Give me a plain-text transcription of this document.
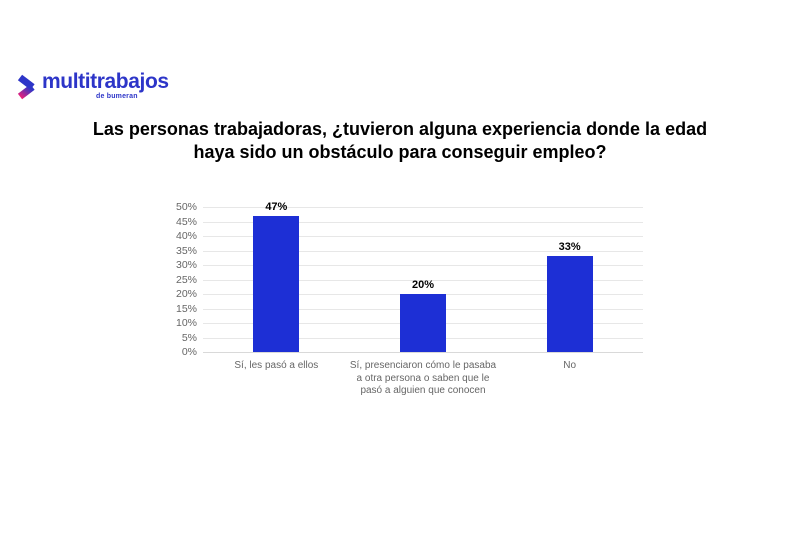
multitrabajos
de bumeran
Las personas trabajadoras, ¿tuvieron alguna experiencia donde la edad
haya sido un obstáculo para conseguir empleo?
0%
5%
10%
15%
20%
25%
30%
35%
40%
45%
50%	47%
Sí, les pasó a ellos
20%
Sí, presenciaron cómo le pasaba a otra persona o saben que le pasó a alguien que conocen
33%
No
